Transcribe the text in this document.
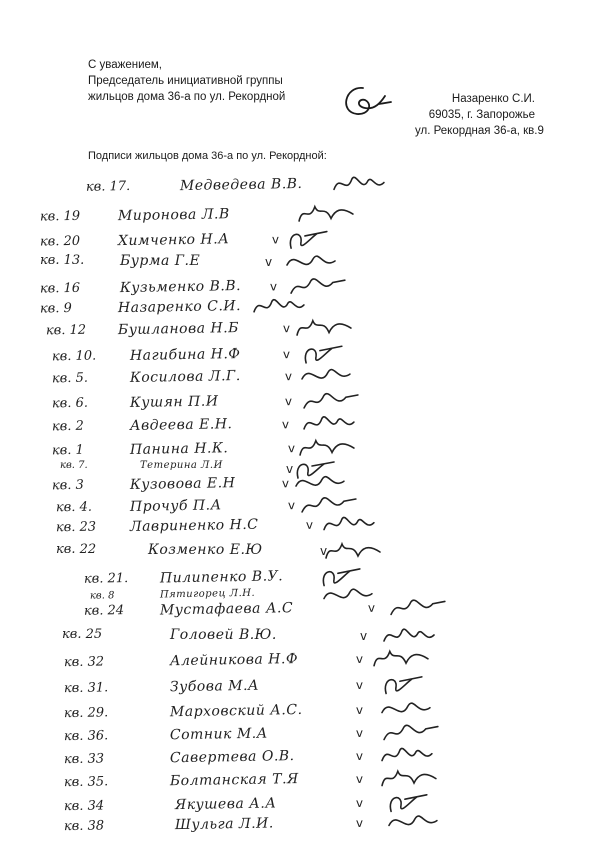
С уважением,
Председатель инициативной группы
жильцов дома 36-а по ул. Рекордной	Назаренко С.И.
69035, г. Запорожье
ул. Рекордная 36-а, кв.9
Подписи жильцов дома 36-а по ул. Рекордной:
кв. 17.	Медведева В.В.
кв. 19	Миронова Л.В
кв. 20	Химченко Н.А	v
кв. 13.	Бурма Г.Е	v
кв. 16	Кузьменко В.В. v
кв. 9	Назаренко С.И.
кв. 12 Бушланова Н.Б	v
кв. 10. Нагибина Н.Ф	v
кв. 5.	Косилова Л.Г.	v
кв. 6.	Кушян П.И	v
кв. 2	Авдеева Е.Н.	v
кв. 1	Панина Н.К.	v
кв. 7.	Тетерина Л.И	v
кв. 3	Кузовова Е.Н	v
кв. 4.	Прочуб П.А	v
кв. 23 Лавриненко Н.С	v
кв. 22	Козменко Е.Ю	v
кв. 21. Пилипенко В.У.
кв. 8	Пятигорец Л.Н.
кв. 24	Мустафаева А.С	v
кв. 25	Головей В.Ю.	v
кв. 32	Алейникова Н.Ф	v
кв. 31.	Зубова М.А	v
кв. 29.	Марховский А.С.	v
кв. 36.	Сотник М.А	v
кв. 33	Савертева О.В.	v
кв. 35.	Болтанская Т.Я	v
кв. 34	Якушева А.А	v
кв. 38	Шульга Л.И.	v
